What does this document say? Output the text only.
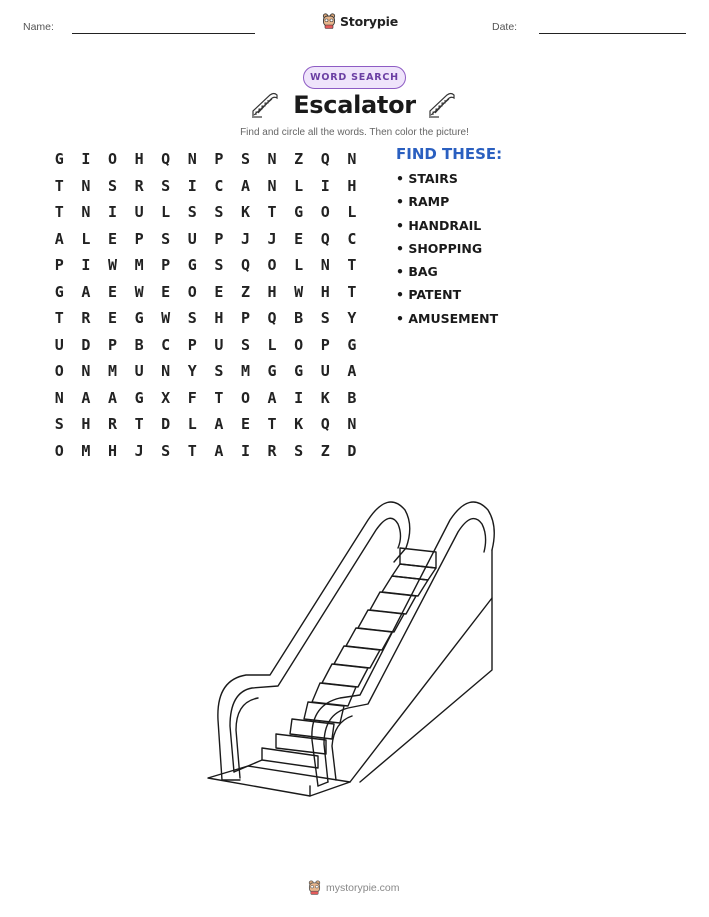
Name:	Storypie	Date:
WORD SEARCH
Escalator
Find and circle all the words. Then color the picture!
G	I	O	H	Q	N	P	S	N	Z	Q	N
T	N	S	R	S	I	C	A	N	L	I	H
T	N	I	U	L	S	S	K	T	G	O	L
A	L	E	P	S	U	P	J	J	E	Q	C
P	I	W	M	P	G	S	Q	O	L	N	T
G	A	E	W	E	O	E	Z	H	W	H	T
T	R	E	G	W	S	H	P	Q	B	S	Y
U	D	P	B	C	P	U	S	L	O	P	G
O	N	M	U	N	Y	S	M	G	G	U	A
N	A	A	G	X	F	T	O	A	I	K	B
S	H	R	T	D	L	A	E	T	K	Q	N
O	M	H	J	S	T	A	I	R	S	Z	D
FIND THESE:
• STAIRS
• RAMP
• HANDRAIL
• SHOPPING
• BAG
• PATENT
• AMUSEMENT
mystorypie.com
